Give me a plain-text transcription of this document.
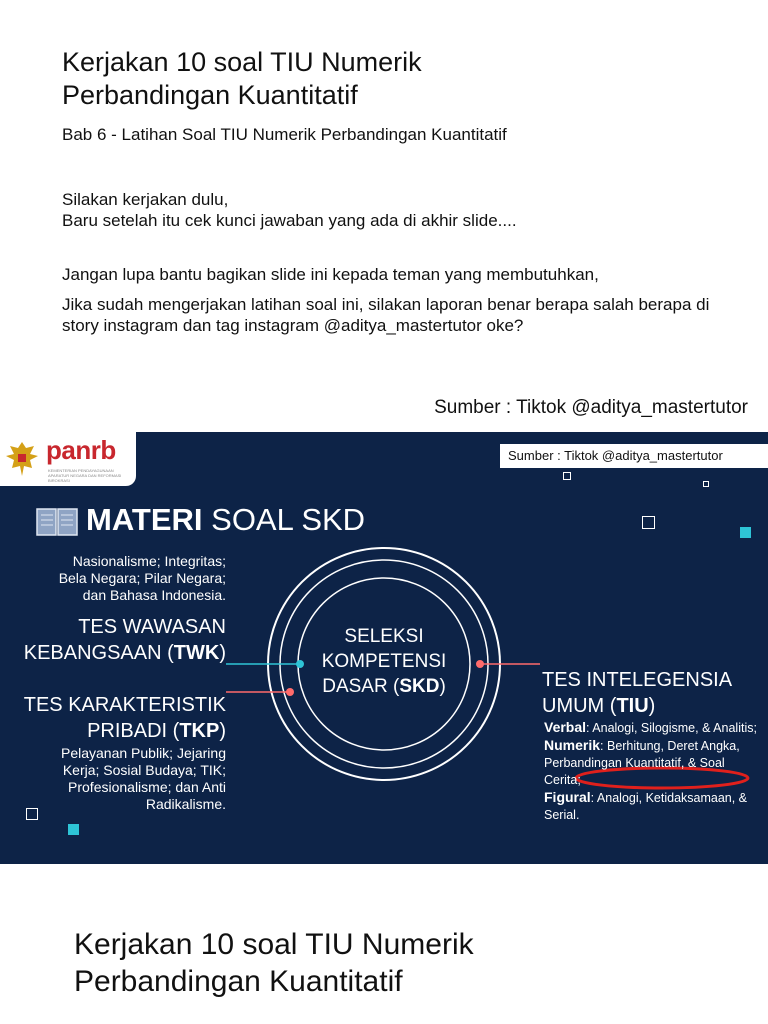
Kerjakan 10 soal TIU Numerik
Perbandingan Kuantitatif
Bab 6 - Latihan Soal TIU Numerik Perbandingan Kuantitatif
Silakan kerjakan dulu,
Baru setelah itu cek kunci jawaban yang ada di akhir slide....
Jangan lupa bantu bagikan slide ini kepada teman yang membutuhkan,
Jika sudah mengerjakan latihan soal ini, silakan laporan benar berapa salah berapa di story instagram dan tag instagram @aditya_mastertutor oke?
Sumber : Tiktok @aditya_mastertutor
panrb
KEMENTERIAN PENDAYAGUNAAN APARATUR NEGARA DAN REFORMASI BIROKRASI
Sumber : Tiktok @aditya_mastertutor
MATERI SOAL SKD
Nasionalisme; Integritas;
Bela Negara; Pilar Negara;
dan Bahasa Indonesia.
TES WAWASAN
KEBANGSAAN (TWK)
TES KARAKTERISTIK
PRIBADI (TKP)
Pelayanan Publik; Jejaring
Kerja; Sosial Budaya; TIK;
Profesionalisme; dan Anti
Radikalisme.
SELEKSI
KOMPETENSI
DASAR (SKD)	TES INTELEGENSIA
UMUM (TIU)
Verbal: Analogi, Silogisme, & Analitis;
Numerik: Berhitung, Deret Angka, Perbandingan Kuantitatif, & Soal Cerita;
Figural: Analogi, Ketidaksamaan, & Serial.
Kerjakan 10 soal TIU Numerik
Perbandingan Kuantitatif
